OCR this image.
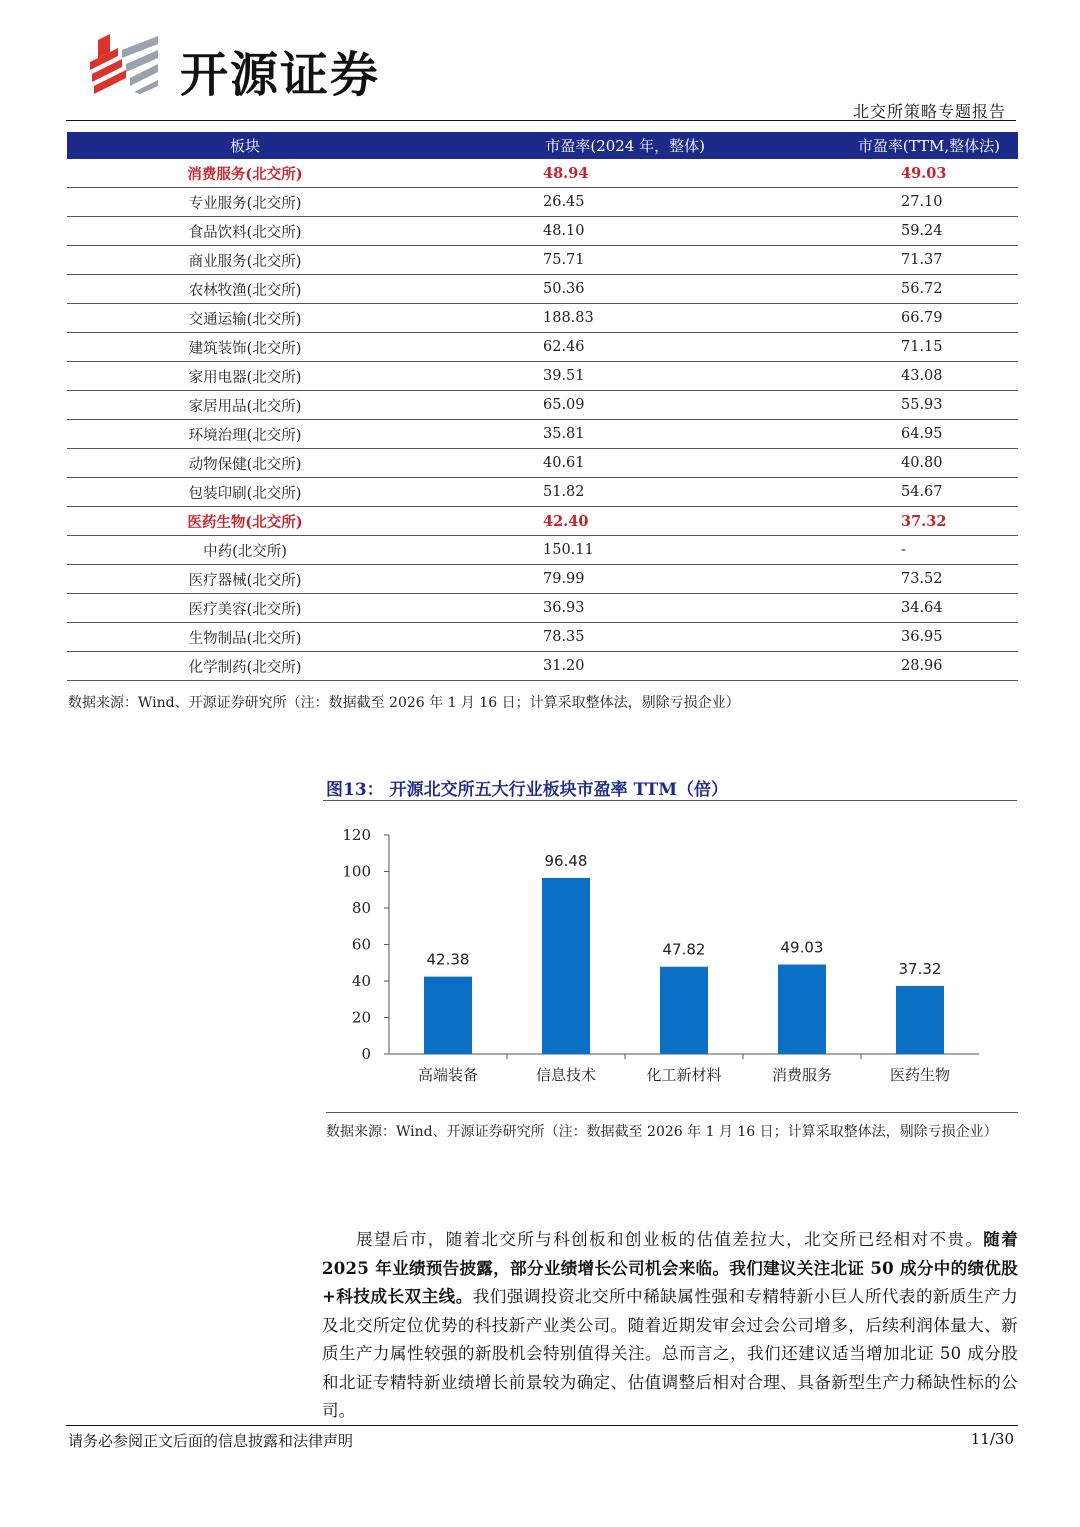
开源证券
北交所策略专题报告
板块	市盈率(2024 年，整体)	市盈率(TTM,整体法)
消费服务(北交所)	48.94	49.03
专业服务(北交所)	26.45	27.10
食品饮料(北交所)	48.10	59.24
商业服务(北交所)	75.71	71.37
农林牧渔(北交所)	50.36	56.72
交通运输(北交所)	188.83	66.79
建筑装饰(北交所)	62.46	71.15
家用电器(北交所)	39.51	43.08
家居用品(北交所)	65.09	55.93
环境治理(北交所)	35.81	64.95
动物保健(北交所)	40.61	40.80
包装印刷(北交所)	51.82	54.67
医药生物(北交所)	42.40	37.32
中药(北交所)	150.11	-
医疗器械(北交所)	79.99	73.52
医疗美容(北交所)	36.93	34.64
生物制品(北交所)	78.35	36.95
化学制药(北交所)	31.20	28.96
数据来源：Wind、开源证券研究所（注：数据截至 2026 年 1 月 16 日；计算采取整体法，剔除亏损企业）
图13： 开源北交所五大行业板块市盈率 TTM（倍）
0
20
40
60
80
100
120
42.38
高端装备
96.48
信息技术
47.82
化工新材料
49.03
消费服务
37.32
医药生物
数据来源：Wind、开源证券研究所（注：数据截至 2026 年 1 月 16 日；计算采取整体法，剔除亏损企业）
展望后市，随着北交所与科创板和创业板的估值差拉大，北交所已经相对不贵。随着 2025 年业绩预告披露，部分业绩增长公司机会来临。我们建议关注北证 50 成分中的绩优股+科技成长双主线。我们强调投资北交所中稀缺属性强和专精特新小巨人所代表的新质生产力及北交所定位优势的科技新产业类公司。随着近期发审会过会公司增多，后续利润体量大、新质生产力属性较强的新股机会特别值得关注。总而言之，我们还建议适当增加北证 50 成分股和北证专精特新业绩增长前景较为确定、估值调整后相对合理、具备新型生产力稀缺性标的公司。
请务必参阅正文后面的信息披露和法律声明	11/30
